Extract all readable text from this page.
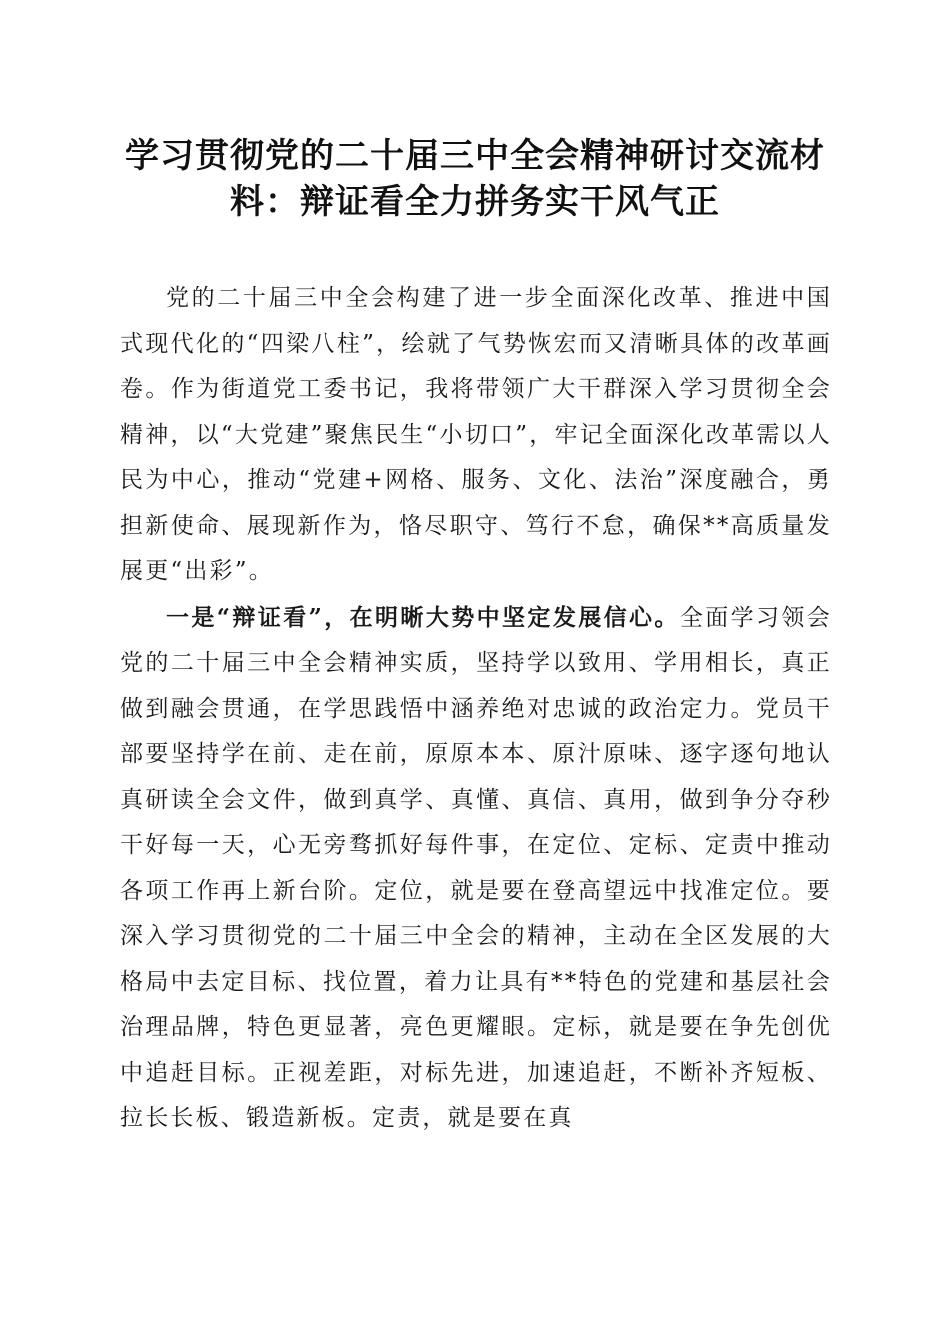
学习贯彻党的二十届三中全会精神研讨交流材料：辩证看全力拼务实干风气正

党的二十届三中全会构建了进一步全面深化改革、推进中国式现代化的“四梁八柱”，绘就了气势恢宏而又清晰具体的改革画卷。作为街道党工委书记，我将带领广大干群深入学习贯彻全会精神，以“大党建”聚焦民生“小切口”，牢记全面深化改革需以人民为中心，推动“党建+网格、服务、文化、法治”深度融合，勇担新使命、展现新作为，恪尽职守、笃行不怠，确保**高质量发展更“出彩”。

一是“辩证看”，在明晰大势中坚定发展信心。全面学习领会党的二十届三中全会精神实质，坚持学以致用、学用相长，真正做到融会贯通，在学思践悟中涵养绝对忠诚的政治定力。党员干部要坚持学在前、走在前，原原本本、原汁原味、逐字逐句地认真研读全会文件，做到真学、真懂、真信、真用，做到争分夺秒干好每一天，心无旁骛抓好每件事，在定位、定标、定责中推动各项工作再上新台阶。定位，就是要在登高望远中找准定位。要深入学习贯彻党的二十届三中全会的精神，主动在全区发展的大格局中去定目标、找位置，着力让具有**特色的党建和基层社会治理品牌，特色更显著，亮色更耀眼。定标，就是要在争先创优中追赶目标。正视差距，对标先进，加速追赶，不断补齐短板、拉长长板、锻造新板。定责，就是要在真
